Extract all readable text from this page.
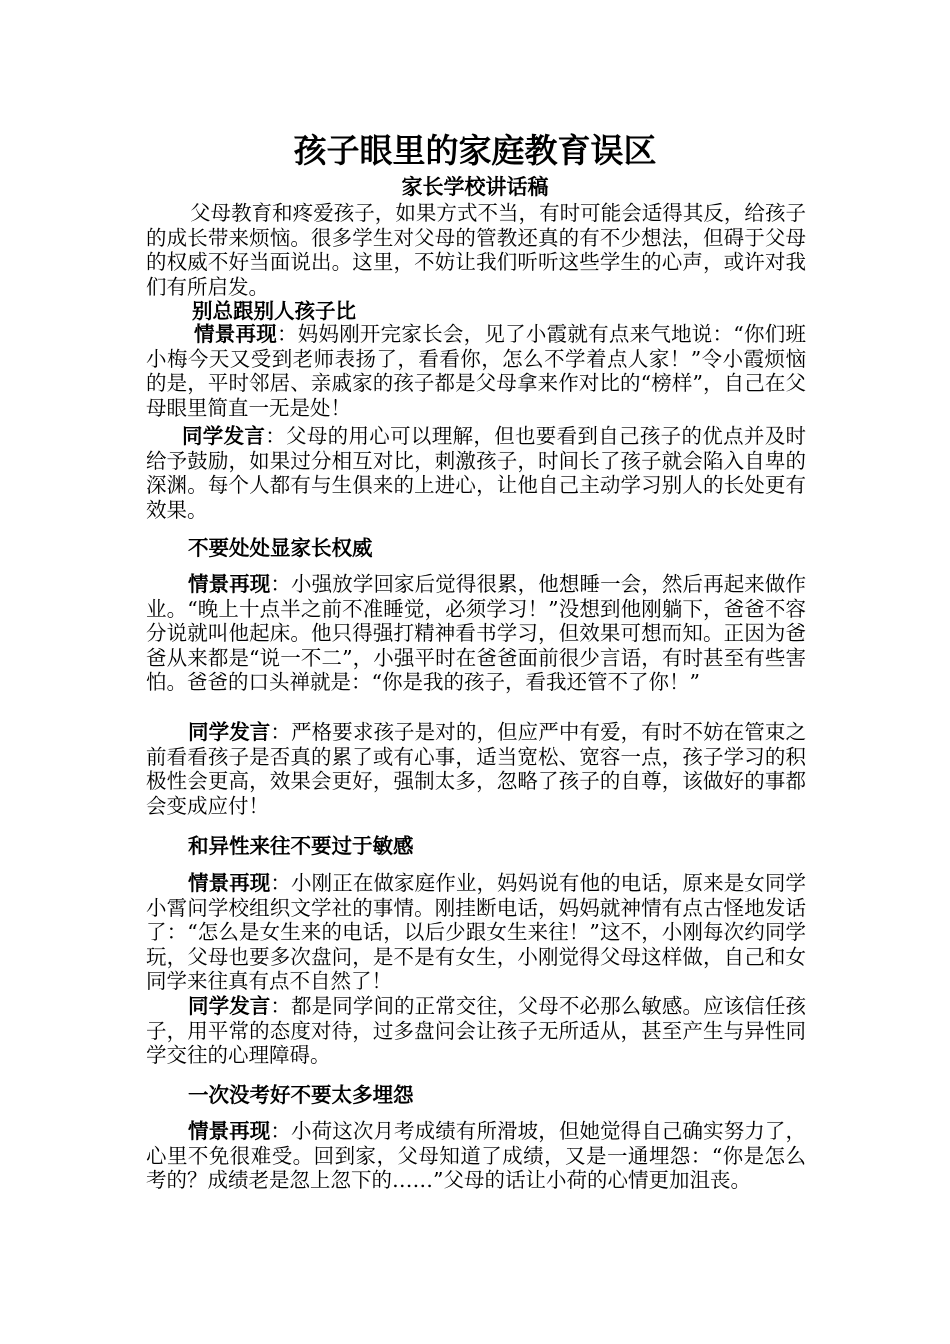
孩子眼里的家庭教育误区
家长学校讲话稿

父母教育和疼爱孩子，如果方式不当，有时可能会适得其反，给孩子的成长带来烦恼。很多学生对父母的管教还真的有不少想法，但碍于父母的权威不好当面说出。这里，不妨让我们听听这些学生的心声，或许对我们有所启发。

别总跟别人孩子比

情景再现：妈妈刚开完家长会，见了小霞就有点来气地说：“你们班小梅今天又受到老师表扬了，看看你，怎么不学着点人家！”令小霞烦恼的是，平时邻居、亲戚家的孩子都是父母拿来作对比的“榜样”，自己在父母眼里简直一无是处！

同学发言：父母的用心可以理解，但也要看到自己孩子的优点并及时给予鼓励，如果过分相互对比，刺激孩子，时间长了孩子就会陷入自卑的深渊。每个人都有与生俱来的上进心，让他自己主动学习别人的长处更有效果。

不要处处显家长权威

情景再现：小强放学回家后觉得很累，他想睡一会，然后再起来做作业。“晚上十点半之前不准睡觉，必须学习！”没想到他刚躺下，爸爸不容分说就叫他起床。他只得强打精神看书学习，但效果可想而知。正因为爸爸从来都是“说一不二”，小强平时在爸爸面前很少言语，有时甚至有些害怕。爸爸的口头禅就是：“你是我的孩子，看我还管不了你！”

同学发言：严格要求孩子是对的，但应严中有爱，有时不妨在管束之前看看孩子是否真的累了或有心事，适当宽松、宽容一点，孩子学习的积极性会更高，效果会更好，强制太多，忽略了孩子的自尊，该做好的事都会变成应付！

和异性来往不要过于敏感

情景再现：小刚正在做家庭作业，妈妈说有他的电话，原来是女同学小霄问学校组织文学社的事情。刚挂断电话，妈妈就神情有点古怪地发话了：“怎么是女生来的电话，以后少跟女生来往！”这不，小刚每次约同学玩，父母也要多次盘问，是不是有女生，小刚觉得父母这样做，自己和女同学来往真有点不自然了！

同学发言：都是同学间的正常交往，父母不必那么敏感。应该信任孩子，用平常的态度对待，过多盘问会让孩子无所适从，甚至产生与异性同学交往的心理障碍。

一次没考好不要太多埋怨

情景再现：小荷这次月考成绩有所滑坡，但她觉得自己确实努力了，心里不免很难受。回到家，父母知道了成绩，又是一通埋怨：“你是怎么考的？成绩老是忽上忽下的……”父母的话让小荷的心情更加沮丧。
